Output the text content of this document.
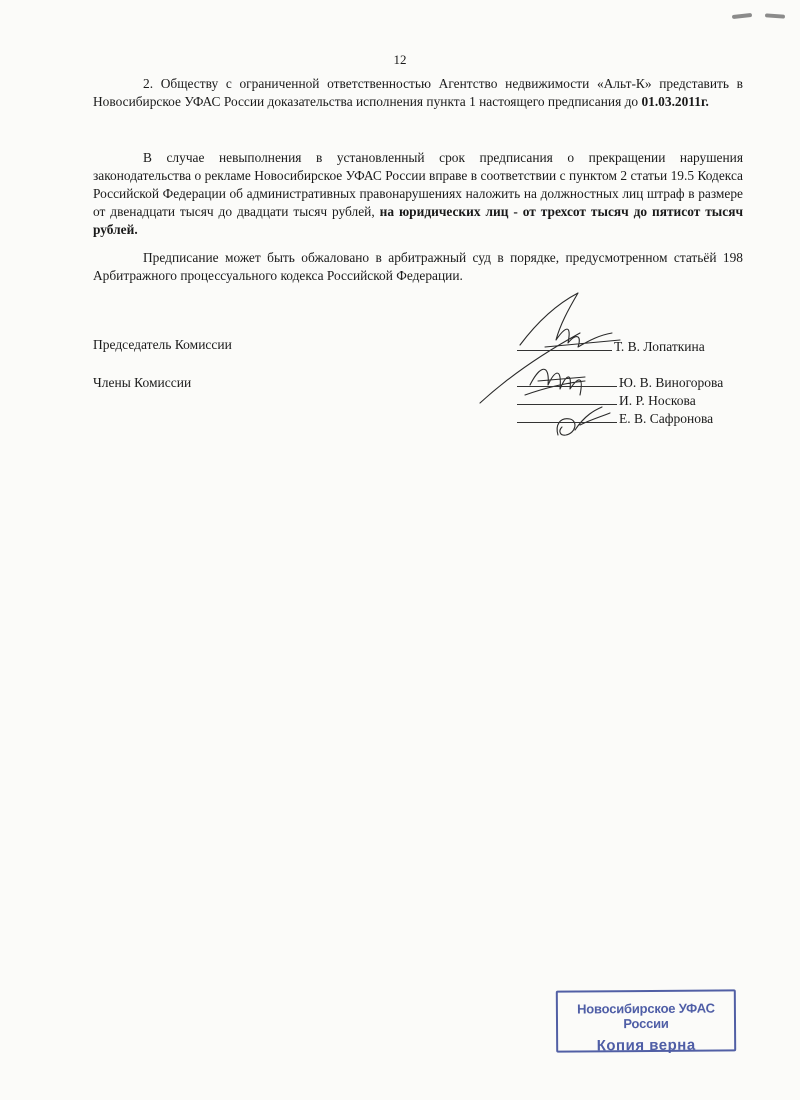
12

2. Обществу с ограниченной ответственностью Агентство недвижимости «Альт-К» представить в Новосибирское УФАС России доказательства исполнения пункта 1 настоящего предписания до 01.03.2011г.

В случае невыполнения в установленный срок предписания о прекращении нарушения законодательства о рекламе Новосибирское УФАС России вправе в соответствии с пунктом 2 статьи 19.5 Кодекса Российской Федерации об административных правонарушениях наложить на должностных лиц штраф в размере от двенадцати тысяч до двадцати тысяч рублей, на юридических лиц - от трехсот тысяч до пятисот тысяч рублей.

Предписание может быть обжаловано в арбитражный суд в порядке, предусмотренном статьёй 198 Арбитражного процессуального кодекса Российской Федерации.

Председатель Комиссии
Члены Комиссии
Т. В. Лопаткина
Ю. В. Виногорова
И. Р. Носкова
Е. В. Сафронова
Новосибирское УФАС России
Копия верна
